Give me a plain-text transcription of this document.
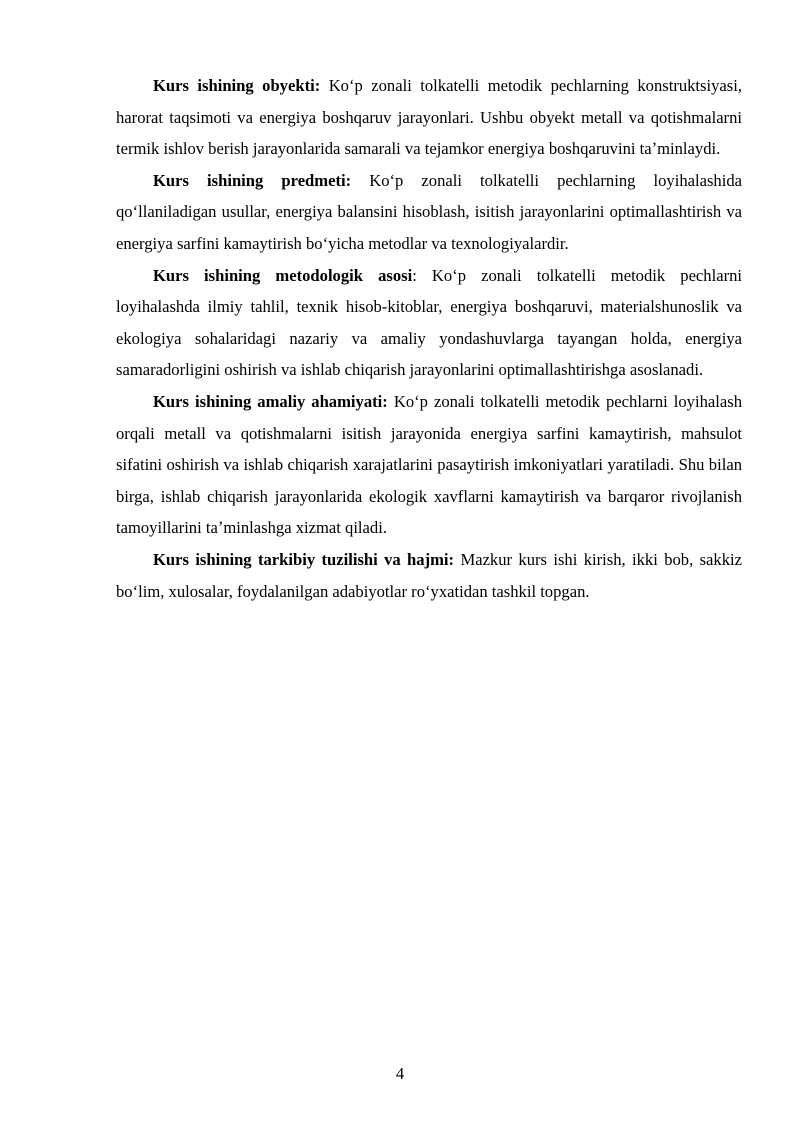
Kurs ishining obyekti: Koʻp zonali tolkatelli metodik pechlarning konstruktsiyasi, harorat taqsimoti va energiya boshqaruv jarayonlari. Ushbu obyekt metall va qotishmalarni termik ishlov berish jarayonlarida samarali va tejamkor energiya boshqaruvini taʼminlaydi.

Kurs ishining predmeti: Koʻp zonali tolkatelli pechlarning loyihalashida qoʻllaniladigan usullar, energiya balansini hisoblash, isitish jarayonlarini optimallashtirish va energiya sarfini kamaytirish boʻyicha metodlar va texnologiyalardir.

Kurs ishining metodologik asosi: Koʻp zonali tolkatelli metodik pechlarni loyihalashda ilmiy tahlil, texnik hisob-kitoblar, energiya boshqaruvi, materialshunoslik va ekologiya sohalaridagi nazariy va amaliy yondashuvlarga tayangan holda, energiya samaradorligini oshirish va ishlab chiqarish jarayonlarini optimallashtirishga asoslanadi.

Kurs ishining amaliy ahamiyati: Koʻp zonali tolkatelli metodik pechlarni loyihalash orqali metall va qotishmalarni isitish jarayonida energiya sarfini kamaytirish, mahsulot sifatini oshirish va ishlab chiqarish xarajatlarini pasaytirish imkoniyatlari yaratiladi. Shu bilan birga, ishlab chiqarish jarayonlarida ekologik xavflarni kamaytirish va barqaror rivojlanish tamoyillarini taʼminlashga xizmat qiladi.

Kurs ishining tarkibiy tuzilishi va hajmi: Mazkur kurs ishi kirish, ikki bob, sakkiz boʻlim, xulosalar, foydalanilgan adabiyotlar roʻyxatidan tashkil topgan.

4
